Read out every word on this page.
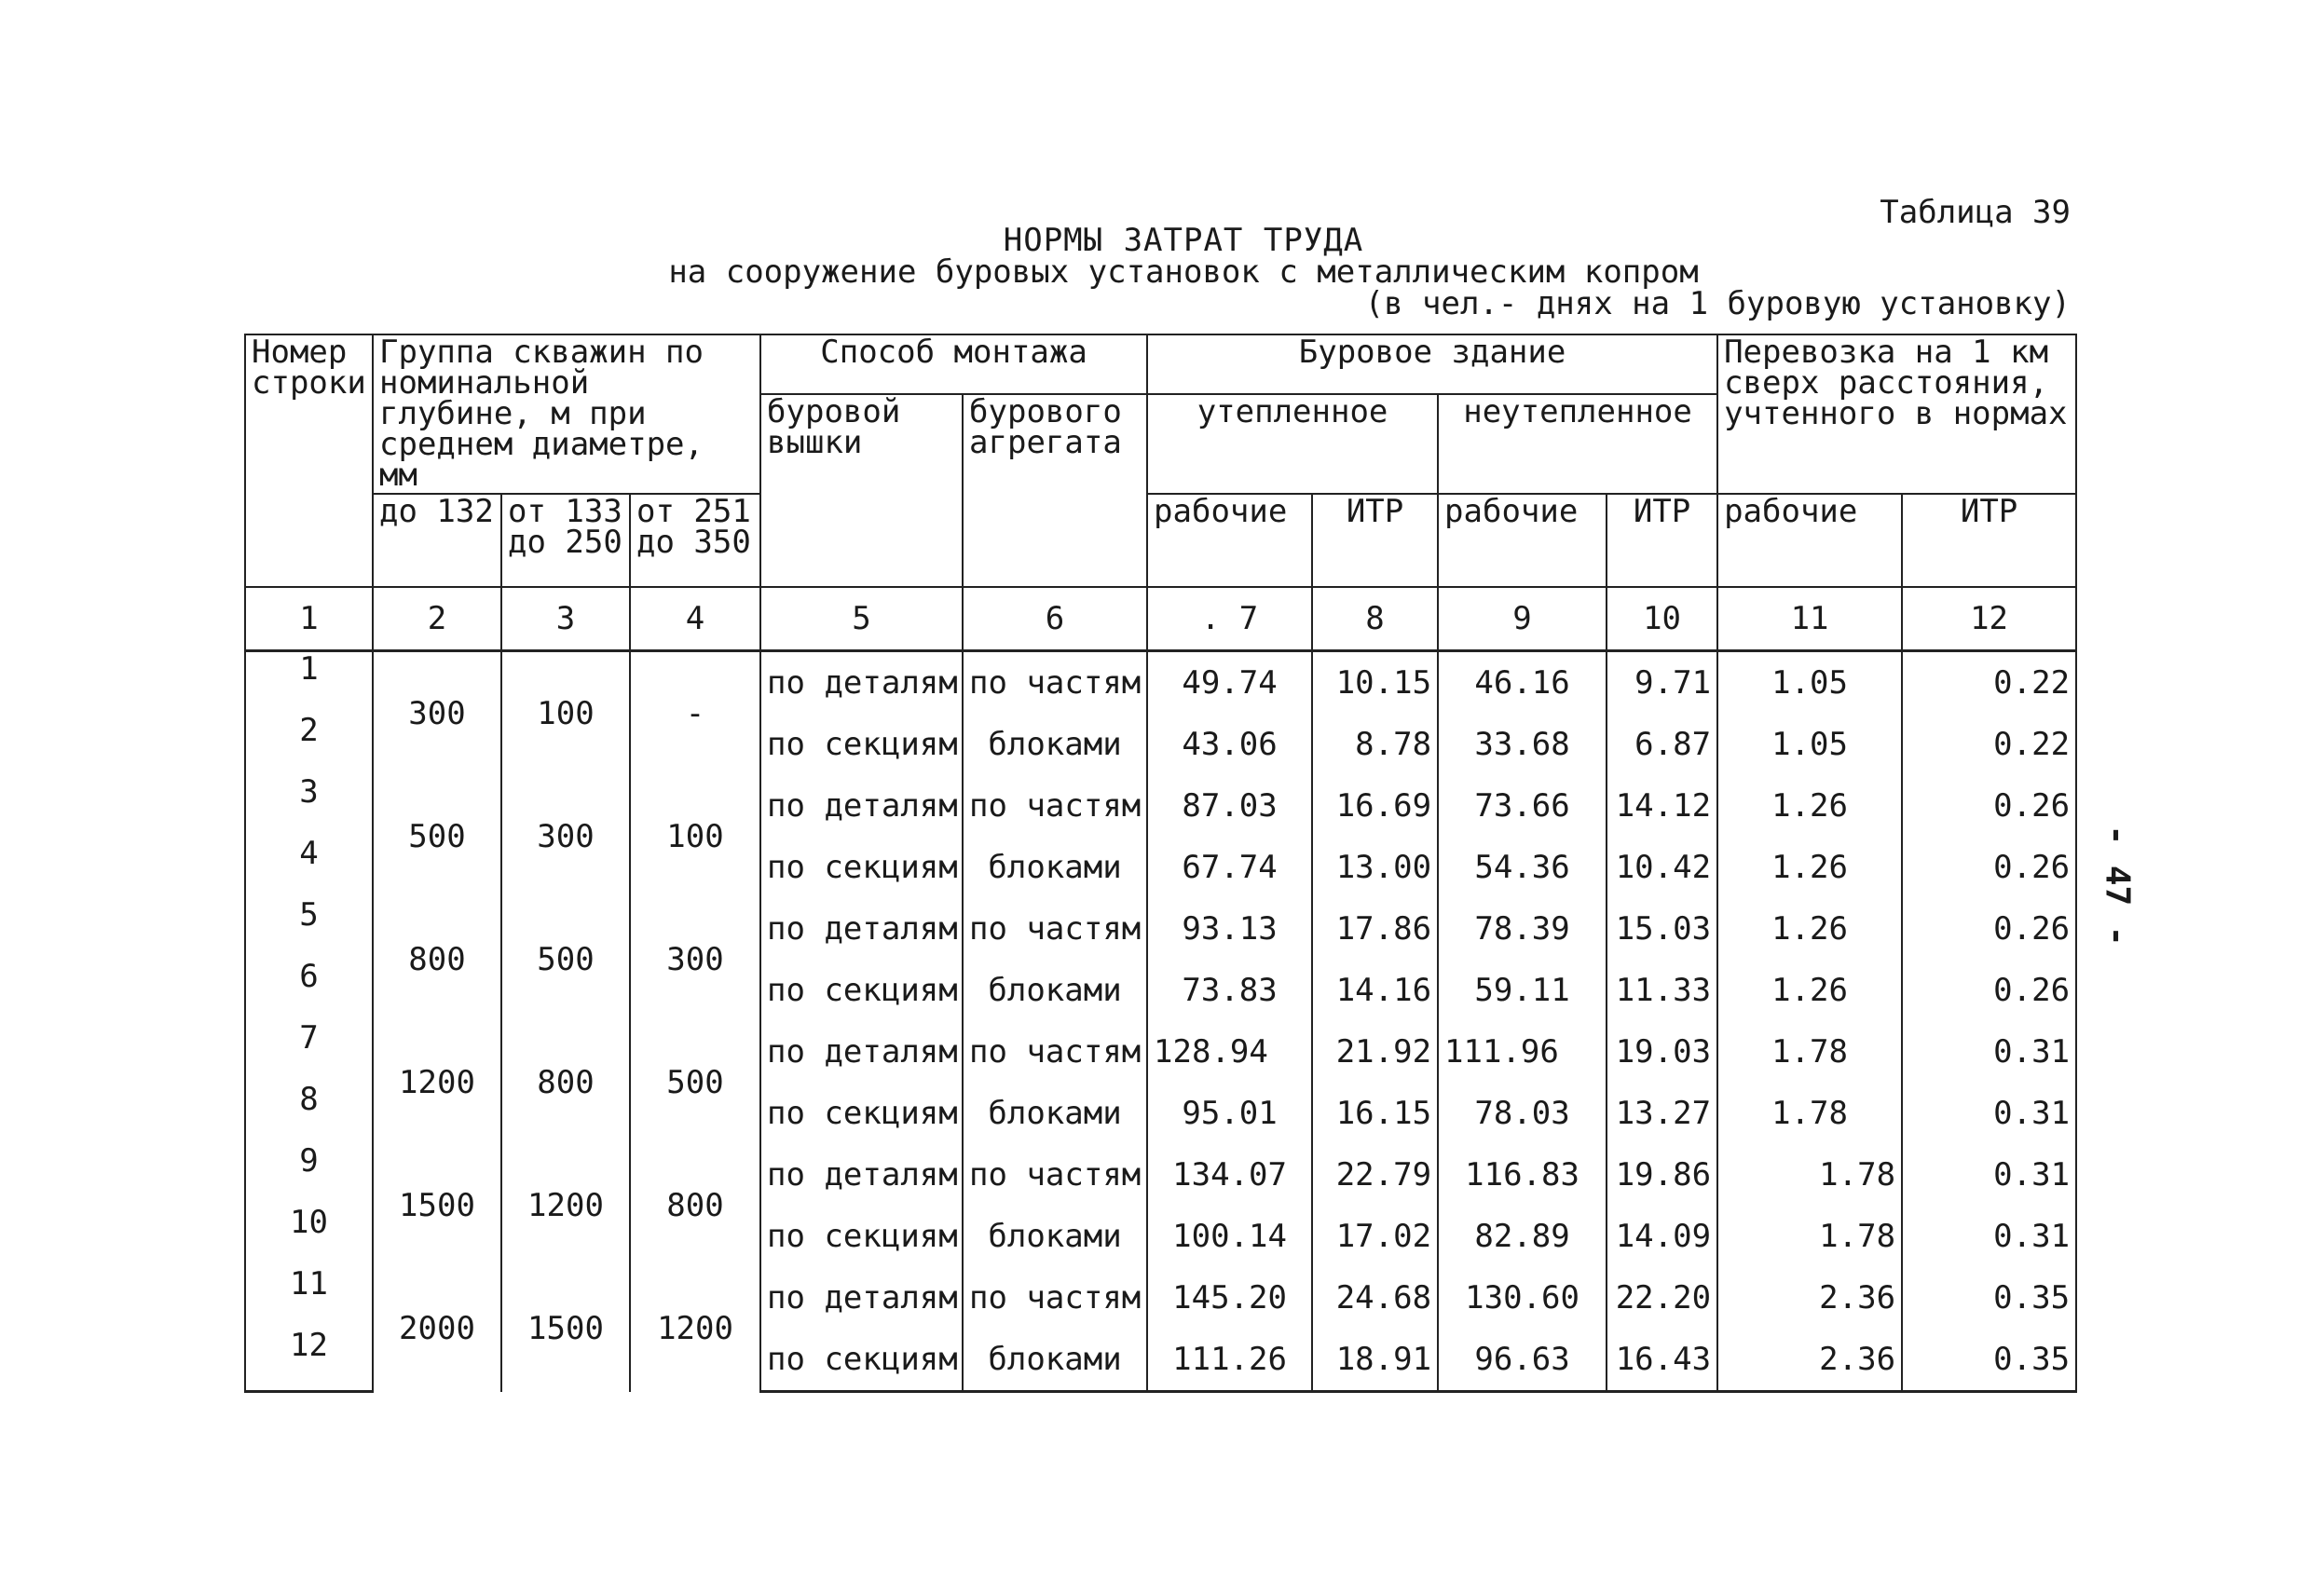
Таблица 39
НОРМЫ ЗАТРАТ ТРУДА
на сооружение буровых установок с металлическим копром
(в чел.- днях на 1 буровую установку)
- 47 -
Номер строки	Группа скважин по номинальной глубине, м при среднем диаметре, мм			Способ монтажа		Буровое здание				Перевозка на 1 км сверх расстояния, учтенного в нормах	
				буровой вышки	бурового агрегата	утепленное		неутепленное			
	до 132	от 133 до 250	от 251 до 350			рабочие	ИТР	рабочие	ИТР	рабочие	ИТР
1	2	3	4	5	6	. 7	8	9	10	11	12
1	300	100	-	по деталям	по частям	49.74	10.15	46.16	9.71	1.05	0.22
2				по секциям	блоками	43.06	8.78	33.68	6.87	1.05	0.22
3	500	300	100	по деталям	по частям	87.03	16.69	73.66	14.12	1.26	0.26
4				по секциям	блоками	67.74	13.00	54.36	10.42	1.26	0.26
5	800	500	300	по деталям	по частям	93.13	17.86	78.39	15.03	1.26	0.26
6				по секциям	блоками	73.83	14.16	59.11	11.33	1.26	0.26
7	1200	800	500	по деталям	по частям	128.94	21.92	111.96	19.03	1.78	0.31
8				по секциям	блоками	95.01	16.15	78.03	13.27	1.78	0.31
9	1500	1200	800	по деталям	по частям	134.07	22.79	116.83	19.86	1.78	0.31
10				по секциям	блоками	100.14	17.02	82.89	14.09	1.78	0.31
11	2000	1500	1200	по деталям	по частям	145.20	24.68	130.60	22.20	2.36	0.35
12				по секциям	блоками	111.26	18.91	96.63	16.43	2.36	0.35
